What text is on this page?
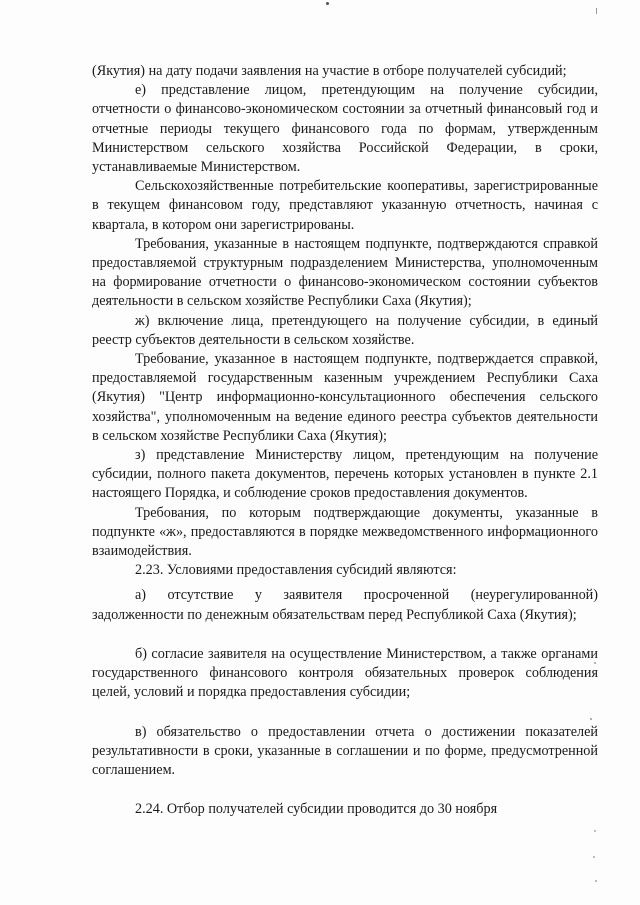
(Якутия) на дату подачи заявления на участие в отборе получателей субсидий;

е) представление лицом, претендующим на получение субсидии, отчетности о финансово-экономическом состоянии за отчетный финансовый год и отчетные периоды текущего финансового года по формам, утвержденным Министерством сельского хозяйства Российской Федерации, в сроки, устанавливаемые Министерством.

Сельскохозяйственные потребительские кооперативы, зарегистрированные в текущем финансовом году, представляют указанную отчетность, начиная с квартала, в котором они зарегистрированы.

Требования, указанные в настоящем подпункте, подтверждаются справкой предоставляемой структурным подразделением Министерства, уполномоченным на формирование отчетности о финансово-экономическом состоянии субъектов деятельности в сельском хозяйстве Республики Саха (Якутия);

ж) включение лица, претендующего на получение субсидии, в единый реестр субъектов деятельности в сельском хозяйстве.

Требование, указанное в настоящем подпункте, подтверждается справкой, предоставляемой государственным казенным учреждением Республики Саха (Якутия) "Центр информационно-консультационного обеспечения сельского хозяйства", уполномоченным на ведение единого реестра субъектов деятельности в сельском хозяйстве Республики Саха (Якутия);

з) представление Министерству лицом, претендующим на получение субсидии, полного пакета документов, перечень которых установлен в пункте 2.1 настоящего Порядка, и соблюдение сроков предоставления документов.

Требования, по которым подтверждающие документы, указанные в подпункте «ж», предоставляются в порядке межведомственного информационного взаимодействия.

2.23. Условиями предоставления субсидий являются:

а) отсутствие у заявителя просроченной (неурегулированной) задолженности по денежным обязательствам перед Республикой Саха (Якутия);

б) согласие заявителя на осуществление Министерством, а также органами государственного финансового контроля обязательных проверок соблюдения целей, условий и порядка предоставления субсидии;

в) обязательство о предоставлении отчета о достижении показателей результативности в сроки, указанные в соглашении и по форме, предусмотренной соглашением.

2.24. Отбор получателей субсидии проводится до 30 ноября
